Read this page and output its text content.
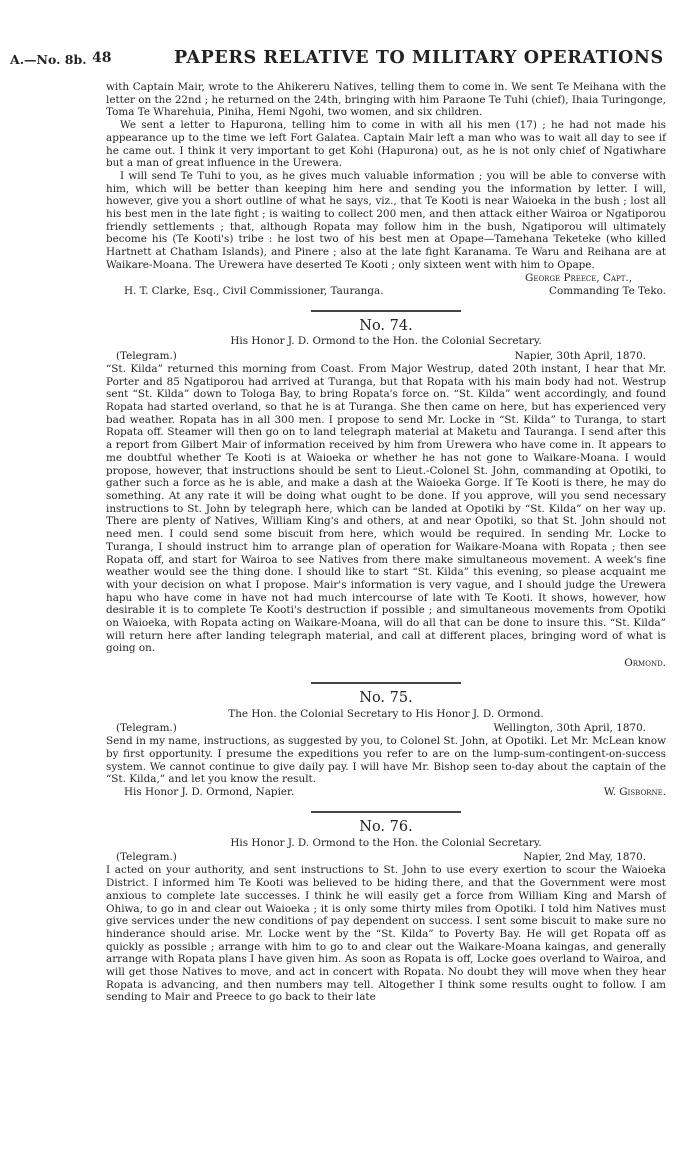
A.—No. 8b. 48	PAPERS RELATIVE TO MILITARY OPERATIONS

with Captain Mair, wrote to the Ahikereru Natives, telling them to come in. We sent Te Meihana with the letter on the 22nd ; he returned on the 24th, bringing with him Paraone Te Tuhi (chief), Ihaia Turingonge, Toma Te Wharehuia, Piniha, Hemi Ngohi, two women, and six children.

We sent a letter to Hapurona, telling him to come in with all his men (17) ; he had not made his appearance up to the time we left Fort Galatea. Captain Mair left a man who was to wait all day to see if he came out. I think it very important to get Kohi (Hapurona) out, as he is not only chief of Ngatiwhare but a man of great influence in the Urewera.

I will send Te Tuhi to you, as he gives much valuable information ; you will be able to converse with him, which will be better than keeping him here and sending you the information by letter. I will, however, give you a short outline of what he says, viz., that Te Kooti is near Waioeka in the bush ; lost all his best men in the late fight ; is waiting to collect 200 men, and then attack either Wairoa or Ngatiporou friendly settlements ; that, although Ropata may follow him in the bush, Ngatiporou will ultimately become his (Te Kooti's) tribe : he lost two of his best men at Opape—Tamehana Teketeke (who killed Hartnett at Chatham Islands), and Pinere ; also at the late fight Karanama. Te Waru and Reihana are at Waikare-Moana. The Urewera have deserted Te Kooti ; only sixteen went with him to Opape.

George Preece, Capt.,
H. T. Clarke, Esq., Civil Commissioner, Tauranga.	Commanding Te Teko.
No. 74.
His Honor J. D. Ormond to the Hon. the Colonial Secretary.
(Telegram.)	Napier, 30th April, 1870.

“St. Kilda” returned this morning from Coast. From Major Westrup, dated 20th instant, I hear that Mr. Porter and 85 Ngatiporou had arrived at Turanga, but that Ropata with his main body had not. Westrup sent “St. Kilda” down to Tologa Bay, to bring Ropata's force on. “St. Kilda” went accordingly, and found Ropata had started overland, so that he is at Turanga. She then came on here, but has experienced very bad weather. Ropata has in all 300 men. I propose to send Mr. Locke in “St. Kilda” to Turanga, to start Ropata off. Steamer will then go on to land telegraph material at Maketu and Tauranga. I send after this a report from Gilbert Mair of information received by him from Urewera who have come in. It appears to me doubtful whether Te Kooti is at Waioeka or whether he has not gone to Waikare-Moana. I would propose, however, that instructions should be sent to Lieut.-Colonel St. John, commanding at Opotiki, to gather such a force as he is able, and make a dash at the Waioeka Gorge. If Te Kooti is there, he may do something. At any rate it will be doing what ought to be done. If you approve, will you send necessary instructions to St. John by telegraph here, which can be landed at Opotiki by “St. Kilda” on her way up. There are plenty of Natives, William King's and others, at and near Opotiki, so that St. John should not need men. I could send some biscuit from here, which would be required. In sending Mr. Locke to Turanga, I should instruct him to arrange plan of operation for Waikare-Moana with Ropata ; then see Ropata off, and start for Wairoa to see Natives from there make simultaneous movement. A week's fine weather would see the thing done. I should like to start “St. Kilda” this evening, so please acquaint me with your decision on what I propose. Mair's information is very vague, and I should judge the Urewera hapu who have come in have not had much intercourse of late with Te Kooti. It shows, however, how desirable it is to complete Te Kooti's destruction if possible ; and simultaneous movements from Opotiki on Waioeka, with Ropata acting on Waikare-Moana, will do all that can be done to insure this. “St. Kilda” will return here after landing telegraph material, and call at different places, bringing word of what is going on.

Ormond.
No. 75.
The Hon. the Colonial Secretary to His Honor J. D. Ormond.
(Telegram.)	Wellington, 30th April, 1870.

Send in my name, instructions, as suggested by you, to Colonel St. John, at Opotiki. Let Mr. McLean know by first opportunity. I presume the expeditions you refer to are on the lump-sum-contingent-on-success system. We cannot continue to give daily pay. I will have Mr. Bishop seen to-day about the captain of the “St. Kilda,” and let you know the result.

His Honor J. D. Ormond, Napier.	W. Gisborne.
No. 76.
His Honor J. D. Ormond to the Hon. the Colonial Secretary.
(Telegram.)	Napier, 2nd May, 1870.

I acted on your authority, and sent instructions to St. John to use every exertion to scour the Waioeka District. I informed him Te Kooti was believed to be hiding there, and that the Government were most anxious to complete late successes. I think he will easily get a force from William King and Marsh of Ohiwa, to go in and clear out Waioeka ; it is only some thirty miles from Opotiki. I told him Natives must give services under the new conditions of pay dependent on success. I sent some biscuit to make sure no hinderance should arise. Mr. Locke went by the “St. Kilda” to Poverty Bay. He will get Ropata off as quickly as possible ; arrange with him to go to and clear out the Waikare-Moana kaingas, and generally arrange with Ropata plans I have given him. As soon as Ropata is off, Locke goes overland to Wairoa, and will get those Natives to move, and act in concert with Ropata. No doubt they will move when they hear Ropata is advancing, and then numbers may tell. Altogether I think some results ought to follow. I am sending to Mair and Preece to go back to their late
